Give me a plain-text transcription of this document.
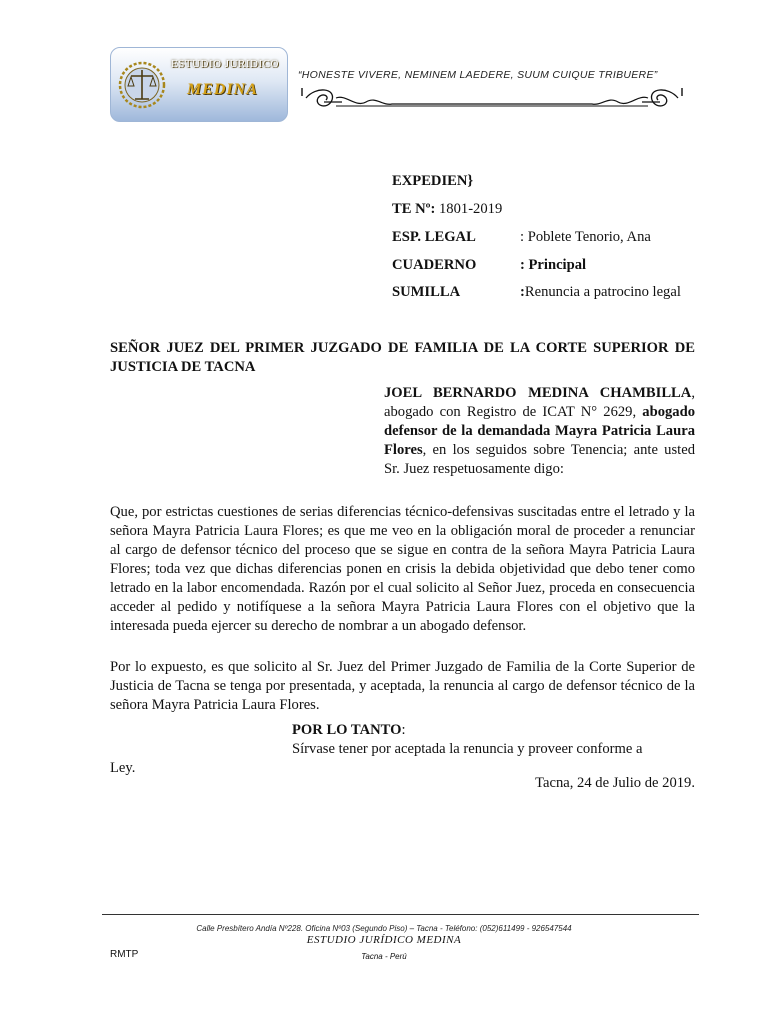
ESTUDIO JURIDICO
MEDINA
“HONESTE VIVERE, NEMINEM LAEDERE, SUUM CUIQUE TRIBUERE”
EXPEDIEN}
TE Nº: 1801-2019
ESP. LEGAL	: Poblete Tenorio, Ana
CUADERNO	: Principal
SUMILLA	:Renuncia a patrocino legal
SEÑOR JUEZ DEL PRIMER JUZGADO DE FAMILIA DE LA CORTE SUPERIOR DE JUSTICIA DE TACNA
JOEL BERNARDO MEDINA CHAMBILLA, abogado con Registro de ICAT N° 2629, abogado defensor de la demandada Mayra Patricia Laura Flores, en los seguidos sobre Tenencia; ante usted Sr. Juez respetuosamente digo:
Que, por estrictas cuestiones de serias diferencias técnico-defensivas suscitadas entre el letrado y la señora Mayra Patricia Laura Flores; es que me veo en la obligación moral de proceder a renunciar al cargo de defensor técnico del proceso que se sigue en contra de la señora Mayra Patricia Laura Flores; toda vez que dichas diferencias ponen en crisis la debida objetividad que debo tener como letrado en la labor encomendada. Razón por el cual solicito al Señor Juez, proceda en consecuencia acceder al pedido y notifíquese a la señora Mayra Patricia Laura Flores con el objetivo que la interesada pueda ejercer su derecho de nombrar a un abogado defensor.
Por lo expuesto, es que solicito al Sr. Juez del Primer Juzgado de Familia de la Corte Superior de Justicia de Tacna se tenga por presentada, y aceptada, la renuncia al cargo de defensor técnico de la señora Mayra Patricia Laura Flores.
POR LO TANTO:
Sírvase tener por aceptada la renuncia y proveer conforme a
Ley.
Tacna, 24 de Julio de 2019.
Calle Presbítero Andía Nº228. Oficina Nº03 (Segundo Piso) – Tacna - Teléfono: (052)611499 - 926547544
ESTUDIO JURÍDICO MEDINA
Tacna - Perú
RMTP
